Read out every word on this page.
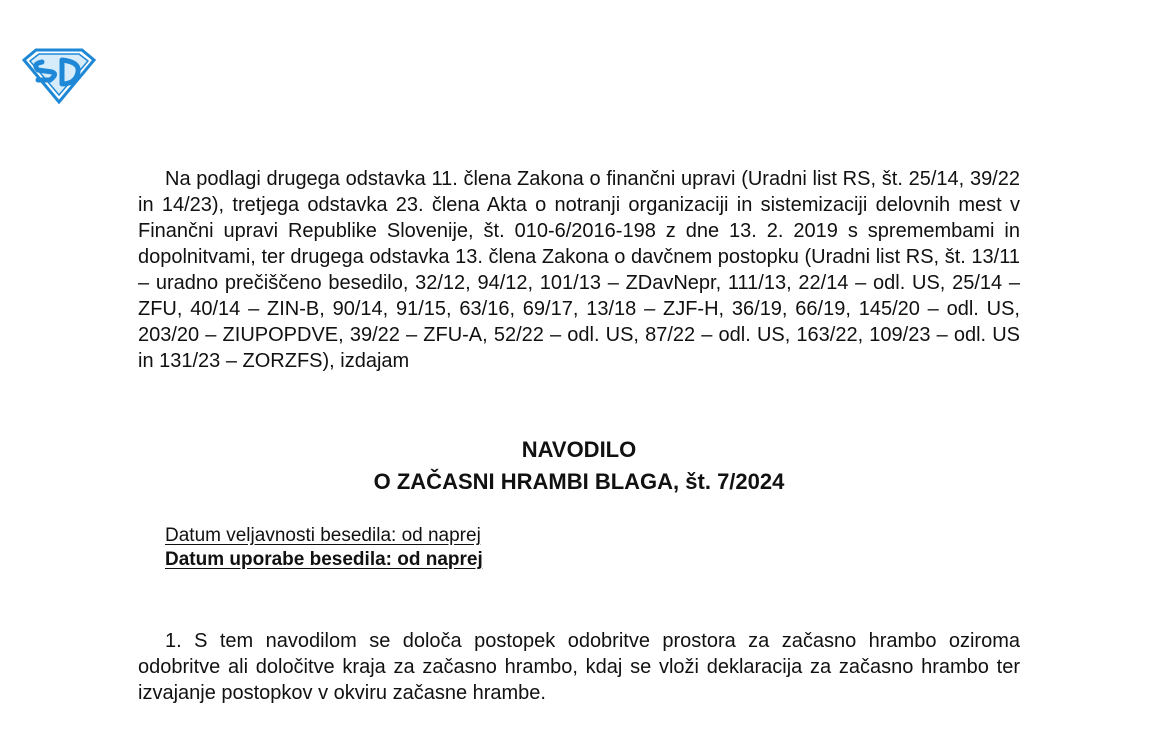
Na podlagi drugega odstavka 11. člena Zakona o finančni upravi (Uradni list RS, št. 25/14, 39/22 in 14/23), tretjega odstavka 23. člena Akta o notranji organizaciji in sistemizaciji delovnih mest v Finančni upravi Republike Slovenije, št. 010-6/2016-198 z dne 13. 2. 2019 s spremembami in dopolnitvami, ter drugega odstavka 13. člena Zakona o davčnem postopku (Uradni list RS, št. 13/11 – uradno prečiščeno besedilo, 32/12, 94/12, 101/13 – ZDavNepr, 111/13, 22/14 – odl. US, 25/14 – ZFU, 40/14 – ZIN-B, 90/14, 91/15, 63/16, 69/17, 13/18 – ZJF-H, 36/19, 66/19, 145/20 – odl. US, 203/20 – ZIUPOPDVE, 39/22 – ZFU-A, 52/22 – odl. US, 87/22 – odl. US, 163/22, 109/23 – odl. US in 131/23 – ZORZFS), izdajam

NAVODILO
O ZAČASNI HRAMBI BLAGA, št. 7/2024
Datum veljavnosti besedila: od naprej
Datum uporabe besedila: od naprej

1. S tem navodilom se določa postopek odobritve prostora za začasno hrambo oziroma odobritve ali določitve kraja za začasno hrambo, kdaj se vloži deklaracija za začasno hrambo ter izvajanje postopkov v okviru začasne hrambe.
